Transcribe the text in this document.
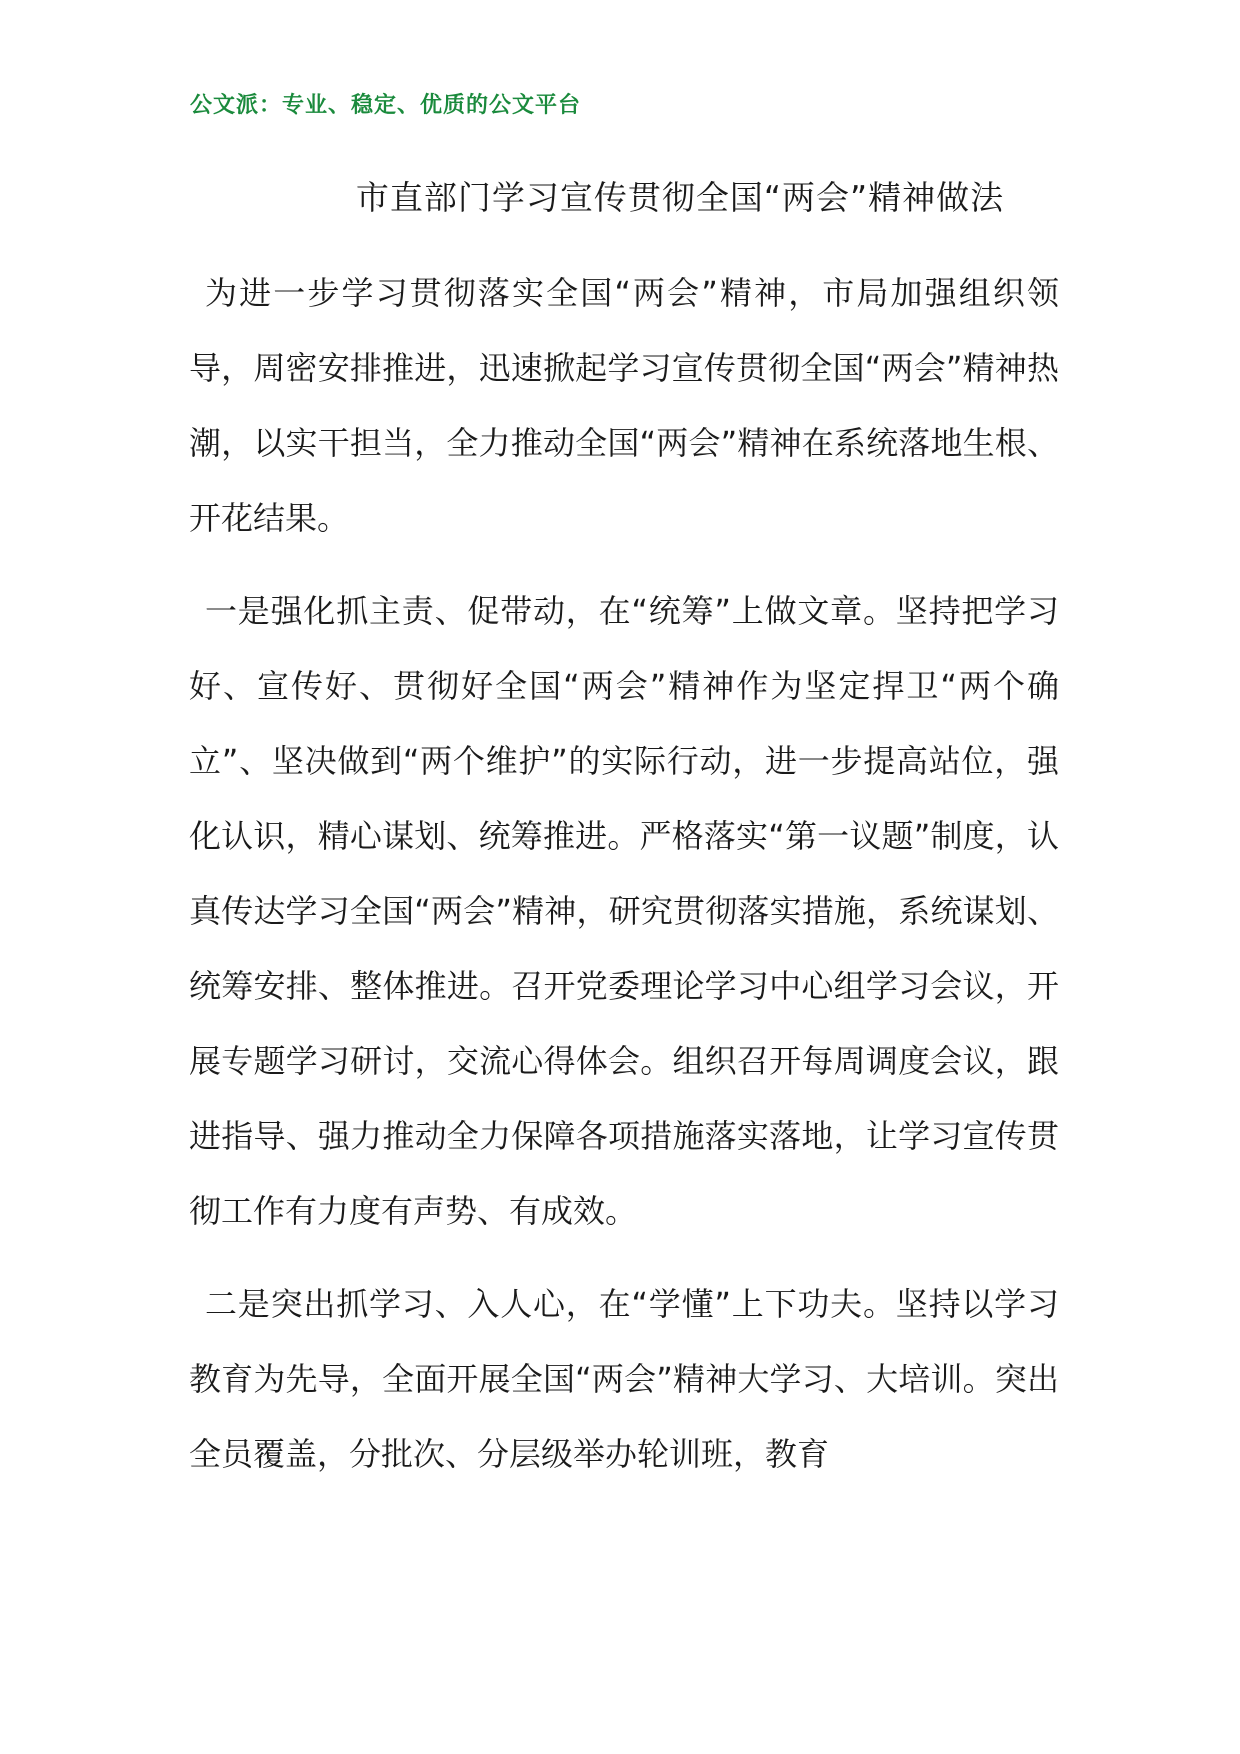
公文派：专业、稳定、优质的公文平台
市直部门学习宣传贯彻全国“两会”精神做法

为进一步学习贯彻落实全国“两会”精神，市局加强组织领导，周密安排推进，迅速掀起学习宣传贯彻全国“两会”精神热潮，以实干担当，全力推动全国“两会”精神在系统落地生根、开花结果。

一是强化抓主责、促带动，在“统筹”上做文章。坚持把学习好、宣传好、贯彻好全国“两会”精神作为坚定捍卫“两个确立”、坚决做到“两个维护”的实际行动，进一步提高站位，强化认识，精心谋划、统筹推进。严格落实“第一议题”制度，认真传达学习全国“两会”精神，研究贯彻落实措施，系统谋划、统筹安排、整体推进。召开党委理论学习中心组学习会议，开展专题学习研讨，交流心得体会。组织召开每周调度会议，跟进指导、强力推动全力保障各项措施落实落地，让学习宣传贯彻工作有力度有声势、有成效。

二是突出抓学习、入人心，在“学懂”上下功夫。坚持以学习教育为先导，全面开展全国“两会”精神大学习、大培训。突出全员覆盖，分批次、分层级举办轮训班，教育
